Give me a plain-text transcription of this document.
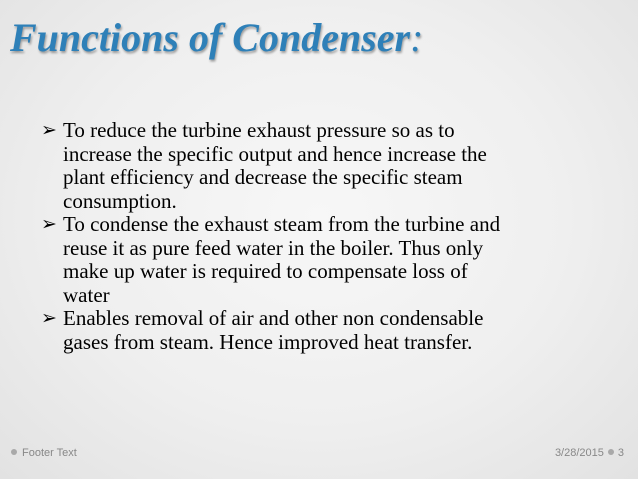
Functions of Condenser:
➢ To reduce the turbine exhaust pressure so as to
increase the specific output and hence increase the
plant efficiency and decrease the specific steam
consumption.
➢ To condense the exhaust steam from the turbine and
reuse it as pure feed water in the boiler. Thus only
make up water is required to compensate loss of
water
➢ Enables removal of air and other non condensable
gases from steam. Hence improved heat transfer.
Footer Text	3/28/2015 3
